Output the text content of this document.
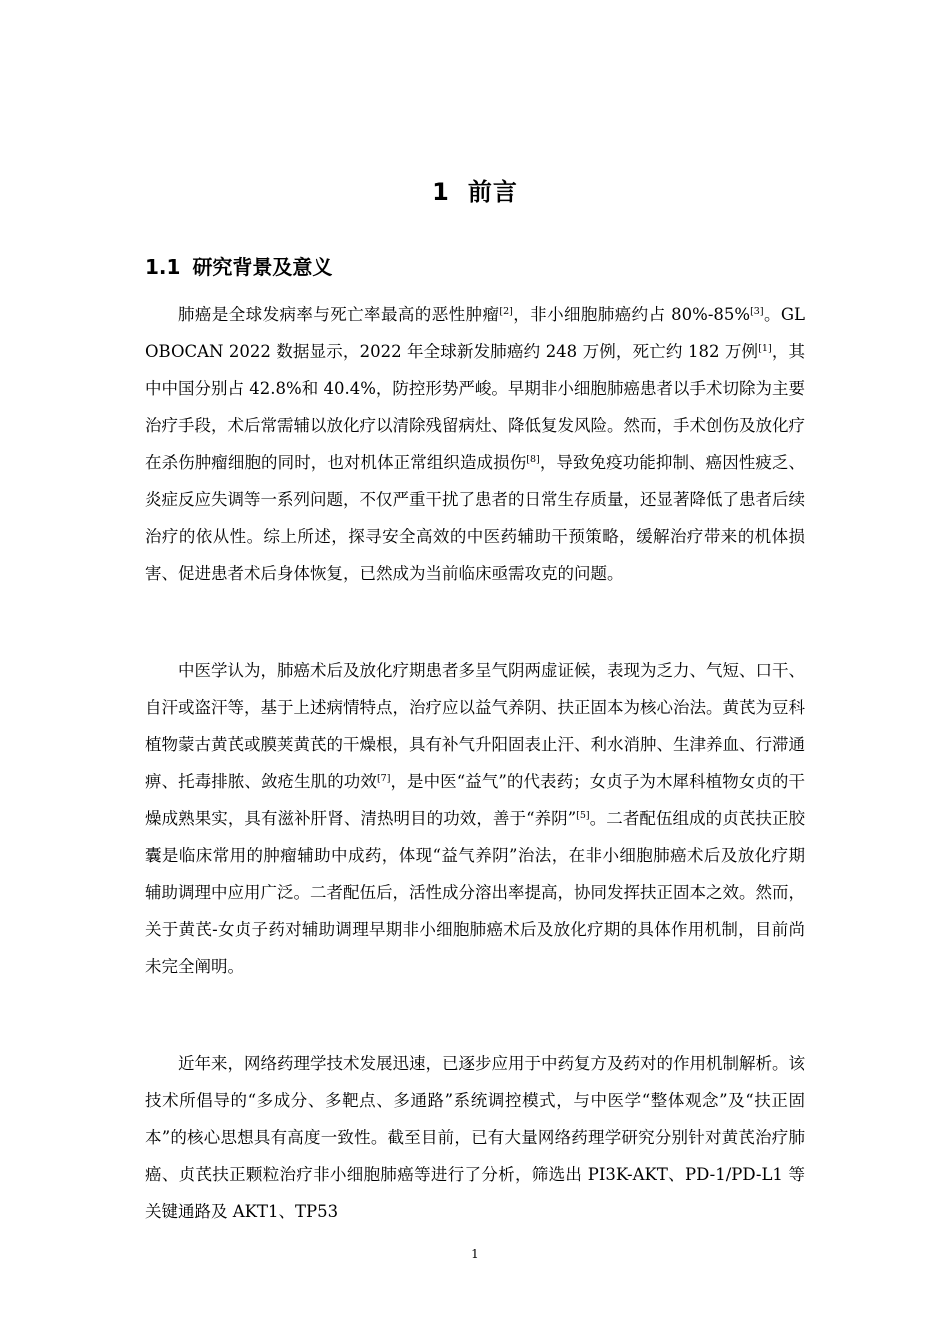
1 前言
1.1 研究背景及意义

肺癌是全球发病率与死亡率最高的恶性肿瘤[2]，非小细胞肺癌约占 80%-85%[3]。GLOBOCAN 2022 数据显示，2022 年全球新发肺癌约 248 万例，死亡约 182 万例[1]，其中中国分别占 42.8%和 40.4%，防控形势严峻。早期非小细胞肺癌患者以手术切除为主要治疗手段，术后常需辅以放化疗以清除残留病灶、降低复发风险。然而，手术创伤及放化疗在杀伤肿瘤细胞的同时，也对机体正常组织造成损伤[8]，导致免疫功能抑制、癌因性疲乏、炎症反应失调等一系列问题，不仅严重干扰了患者的日常生存质量，还显著降低了患者后续治疗的依从性。综上所述，探寻安全高效的中医药辅助干预策略，缓解治疗带来的机体损害、促进患者术后身体恢复，已然成为当前临床亟需攻克的问题。

中医学认为，肺癌术后及放化疗期患者多呈气阴两虚证候，表现为乏力、气短、口干、自汗或盗汗等，基于上述病情特点，治疗应以益气养阴、扶正固本为核心治法。黄芪为豆科植物蒙古黄芪或膜荚黄芪的干燥根，具有补气升阳固表止汗、利水消肿、生津养血、行滞通痹、托毒排脓、敛疮生肌的功效[7]，是中医“益气”的代表药；女贞子为木犀科植物女贞的干燥成熟果实，具有滋补肝肾、清热明目的功效，善于“养阴”[5]。二者配伍组成的贞芪扶正胶囊是临床常用的肿瘤辅助中成药，体现“益气养阴”治法，在非小细胞肺癌术后及放化疗期辅助调理中应用广泛。二者配伍后，活性成分溶出率提高，协同发挥扶正固本之效。然而，关于黄芪-女贞子药对辅助调理早期非小细胞肺癌术后及放化疗期的具体作用机制，目前尚未完全阐明。

近年来，网络药理学技术发展迅速，已逐步应用于中药复方及药对的作用机制解析。该技术所倡导的“多成分、多靶点、多通路”系统调控模式，与中医学“整体观念”及“扶正固本”的核心思想具有高度一致性。截至目前，已有大量网络药理学研究分别针对黄芪治疗肺癌、贞芪扶正颗粒治疗非小细胞肺癌等进行了分析，筛选出 PI3K-AKT、PD-1/PD-L1 等关键通路及 AKT1、TP53

1
